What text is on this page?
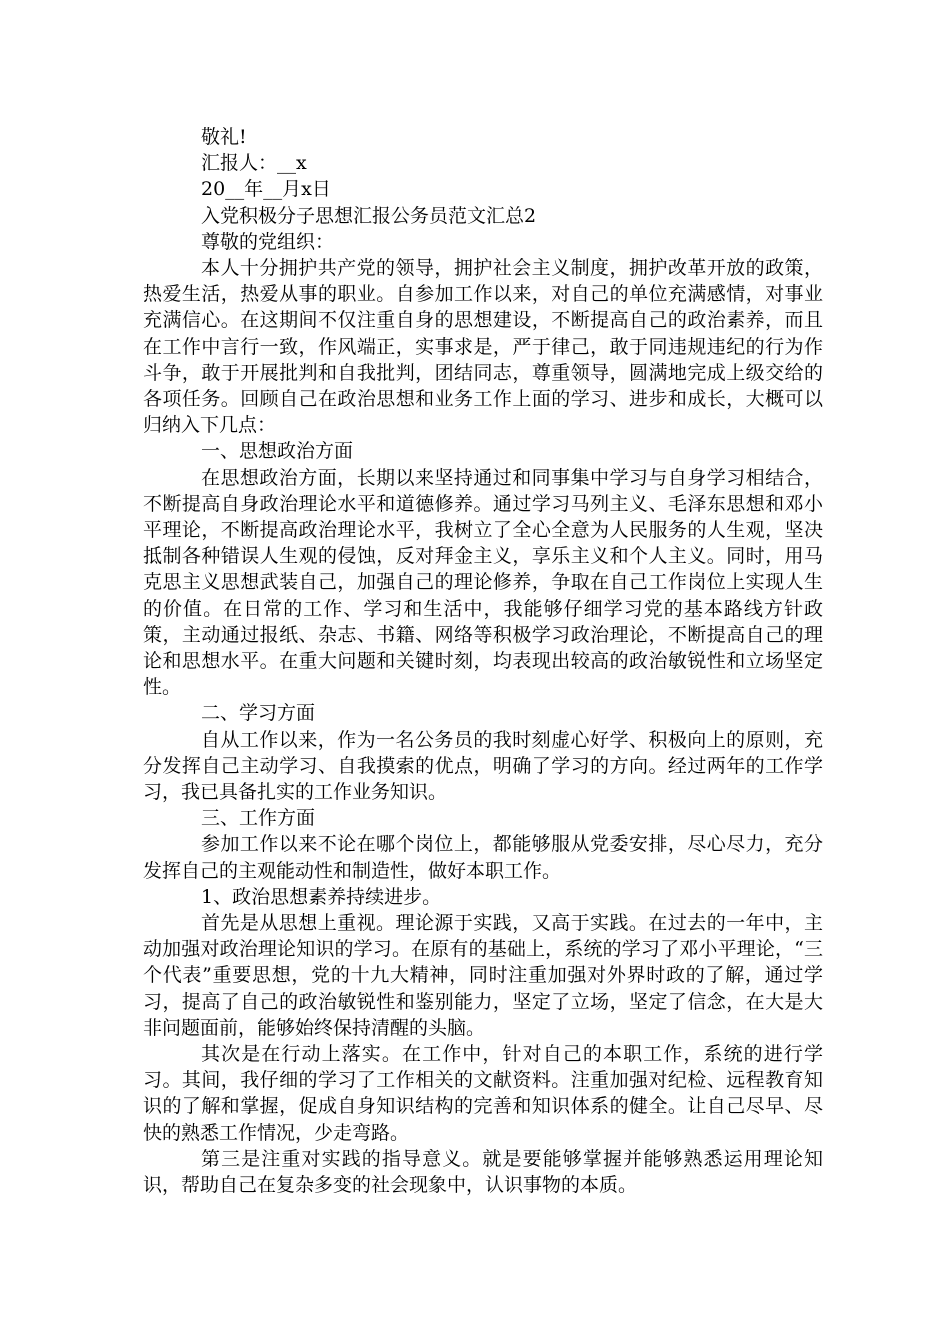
敬礼!

汇报人：__x

20__年__月x日

入党积极分子思想汇报公务员范文汇总2

尊敬的党组织：

本人十分拥护共产党的领导，拥护社会主义制度，拥护改革开放的政策，热爱生活，热爱从事的职业。自参加工作以来，对自己的单位充满感情，对事业充满信心。在这期间不仅注重自身的思想建设，不断提高自己的政治素养，而且在工作中言行一致，作风端正，实事求是，严于律己，敢于同违规违纪的行为作斗争，敢于开展批判和自我批判，团结同志，尊重领导，圆满地完成上级交给的各项任务。回顾自己在政治思想和业务工作上面的学习、进步和成长，大概可以归纳入下几点：

一、思想政治方面

在思想政治方面，长期以来坚持通过和同事集中学习与自身学习相结合，不断提高自身政治理论水平和道德修养。通过学习马列主义、毛泽东思想和邓小平理论，不断提高政治理论水平，我树立了全心全意为人民服务的人生观，坚决抵制各种错误人生观的侵蚀，反对拜金主义，享乐主义和个人主义。同时，用马克思主义思想武装自己，加强自己的理论修养，争取在自己工作岗位上实现人生的价值。在日常的工作、学习和生活中，我能够仔细学习党的基本路线方针政策，主动通过报纸、杂志、书籍、网络等积极学习政治理论，不断提高自己的理论和思想水平。在重大问题和关键时刻，均表现出较高的政治敏锐性和立场坚定性。

二、学习方面

自从工作以来，作为一名公务员的我时刻虚心好学、积极向上的原则，充分发挥自己主动学习、自我摸索的优点，明确了学习的方向。经过两年的工作学习，我已具备扎实的工作业务知识。

三、工作方面

参加工作以来不论在哪个岗位上，都能够服从党委安排，尽心尽力，充分发挥自己的主观能动性和制造性，做好本职工作。

1、政治思想素养持续进步。

首先是从思想上重视。理论源于实践，又高于实践。在过去的一年中，主动加强对政治理论知识的学习。在原有的基础上，系统的学习了邓小平理论，“三个代表”重要思想，党的十九大精神，同时注重加强对外界时政的了解，通过学习，提高了自己的政治敏锐性和鉴别能力，坚定了立场，坚定了信念，在大是大非问题面前，能够始终保持清醒的头脑。

其次是在行动上落实。在工作中，针对自己的本职工作，系统的进行学习。其间，我仔细的学习了工作相关的文献资料。注重加强对纪检、远程教育知识的了解和掌握，促成自身知识结构的完善和知识体系的健全。让自己尽早、尽快的熟悉工作情况，少走弯路。

第三是注重对实践的指导意义。就是要能够掌握并能够熟悉运用理论知识，帮助自己在复杂多变的社会现象中，认识事物的本质。
